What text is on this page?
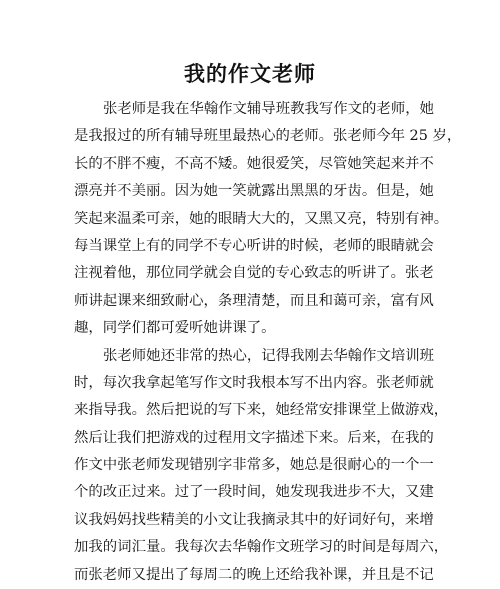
我的作文老师
张老师是我在华翰作文辅导班教我写作文的老师，她
是我报过的所有辅导班里最热心的老师。张老师今年 25 岁，
长的不胖不瘦，不高不矮。她很爱笑，尽管她笑起来并不
漂亮并不美丽。因为她一笑就露出黑黑的牙齿。但是，她
笑起来温柔可亲，她的眼睛大大的，又黑又亮，特别有神。
每当课堂上有的同学不专心听讲的时候，老师的眼睛就会
注视着他，那位同学就会自觉的专心致志的听讲了。张老
师讲起课来细致耐心，条理清楚，而且和蔼可亲，富有风
趣，同学们都可爱听她讲课了。
张老师她还非常的热心，记得我刚去华翰作文培训班
时，每次我拿起笔写作文时我根本写不出内容。张老师就
来指导我。然后把说的写下来，她经常安排课堂上做游戏，
然后让我们把游戏的过程用文字描述下来。后来，在我的
作文中张老师发现错别字非常多，她总是很耐心的一个一
个的改正过来。过了一段时间，她发现我进步不大，又建
议我妈妈找些精美的小文让我摘录其中的好词好句，来增
加我的词汇量。我每次去华翰作文班学习的时间是每周六，
而张老师又提出了每周二的晚上还给我补课，并且是不记
